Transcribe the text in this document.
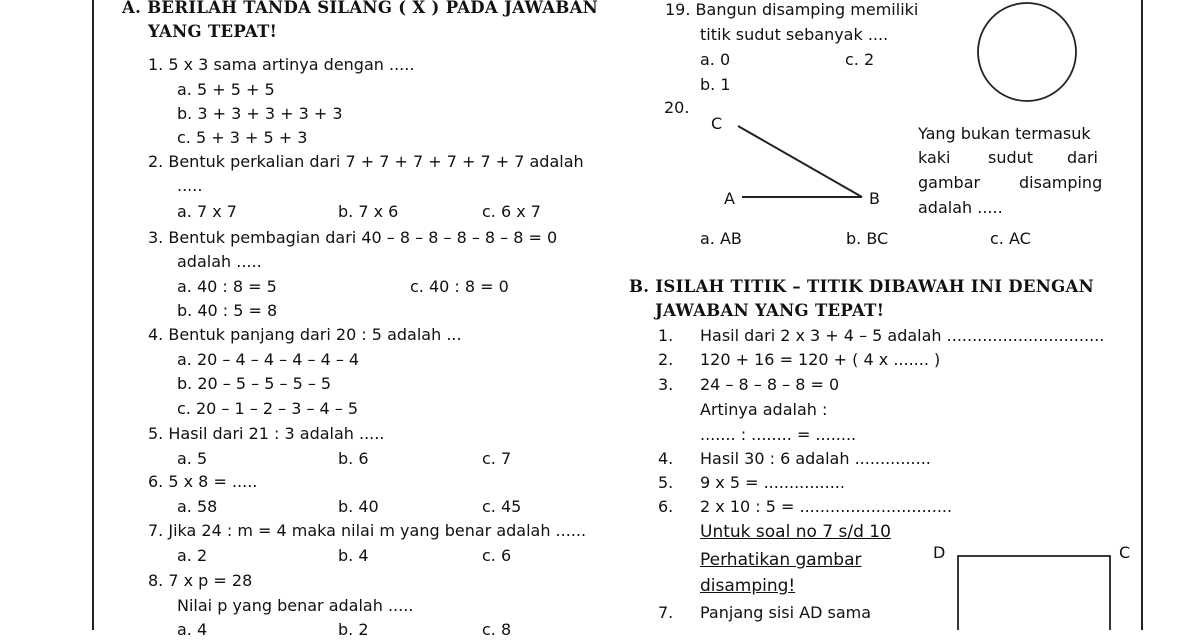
A. BERILAH TANDA SILANG ( X ) PADA JAWABAN
YANG TEPAT!
1. 5 x 3 sama artinya dengan .....
a. 5 + 5 + 5
b. 3 + 3 + 3 + 3 + 3
c. 5 + 3 + 5 + 3
2. Bentuk perkalian dari 7 + 7 + 7 + 7 + 7 + 7 adalah
.....
a. 7 x 7	b. 7 x 6	c. 6 x 7
3. Bentuk pembagian dari 40 – 8 – 8 – 8 – 8 – 8 = 0
adalah .....
a. 40 : 8 = 5	c. 40 : 8 = 0
b. 40 : 5 = 8
4. Bentuk panjang dari 20 : 5 adalah ...
a. 20 – 4 – 4 – 4 – 4 – 4
b. 20 – 5 – 5 – 5 – 5
c. 20 – 1 – 2 – 3 – 4 – 5
5. Hasil dari 21 : 3 adalah .....
a. 5	b. 6	c. 7
6. 5 x 8 = .....
a. 58	b. 40	c. 45
7. Jika 24 : m = 4 maka nilai m yang benar adalah ......
a. 2	b. 4	c. 6
8. 7 x p = 28
Nilai p yang benar adalah .....
a. 4	b. 2	c. 8
19. Bangun disamping memiliki
titik sudut sebanyak ....
a. 0	c. 2
b. 1
20.
C
A	B
Yang bukan termasuk
kaki sudut dari
gambar disamping
adalah .....
a. AB	b. BC	c. AC
B. ISILAH TITIK – TITIK DIBAWAH INI DENGAN
JAWABAN YANG TEPAT!
1. Hasil dari 2 x 3 + 4 – 5 adalah ...............................
2. 120 + 16 = 120 + ( 4 x ....... )
3. 24 – 8 – 8 – 8 = 0
Artinya adalah :
....... : ........ = ........
4. Hasil 30 : 6 adalah ...............
5. 9 x 5 = ................
6. 2 x 10 : 5 = ..............................
Untuk soal no 7 s/d 10
Perhatikan gambar
disamping!
7. Panjang sisi AD sama
D	C
